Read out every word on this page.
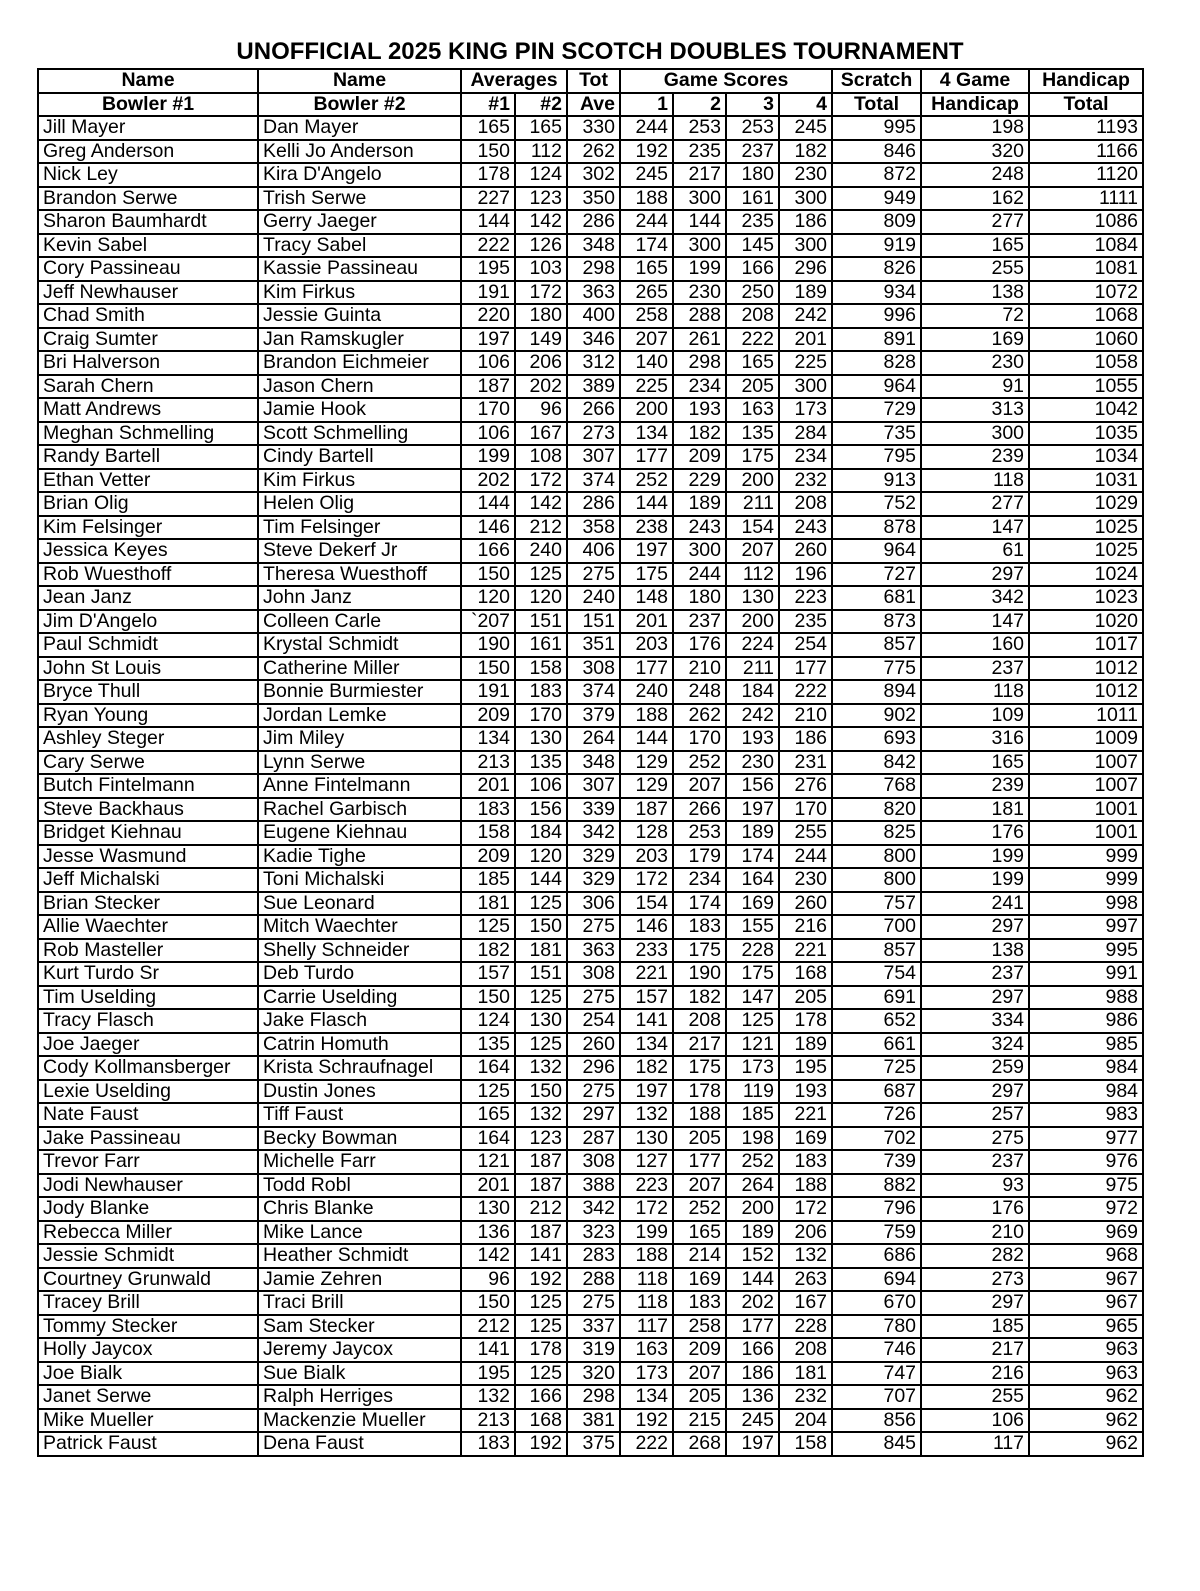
UNOFFICIAL 2025 KING PIN SCOTCH DOUBLES TOURNAMENT
Name	Name	Averages		Tot	Game Scores				Scratch	4 Game	Handicap
Bowler #1	Bowler #2	#1	#2	Ave	1	2	3	4	Total	Handicap	Total
Jill Mayer	Dan Mayer	165	165	330	244	253	253	245	995	198	1193
Greg Anderson	Kelli Jo Anderson	150	112	262	192	235	237	182	846	320	1166
Nick Ley	Kira D'Angelo	178	124	302	245	217	180	230	872	248	1120
Brandon Serwe	Trish Serwe	227	123	350	188	300	161	300	949	162	1111
Sharon Baumhardt	Gerry Jaeger	144	142	286	244	144	235	186	809	277	1086
Kevin Sabel	Tracy Sabel	222	126	348	174	300	145	300	919	165	1084
Cory Passineau	Kassie Passineau	195	103	298	165	199	166	296	826	255	1081
Jeff Newhauser	Kim Firkus	191	172	363	265	230	250	189	934	138	1072
Chad Smith	Jessie Guinta	220	180	400	258	288	208	242	996	72	1068
Craig Sumter	Jan Ramskugler	197	149	346	207	261	222	201	891	169	1060
Bri Halverson	Brandon Eichmeier	106	206	312	140	298	165	225	828	230	1058
Sarah Chern	Jason Chern	187	202	389	225	234	205	300	964	91	1055
Matt Andrews	Jamie Hook	170	96	266	200	193	163	173	729	313	1042
Meghan Schmelling	Scott Schmelling	106	167	273	134	182	135	284	735	300	1035
Randy Bartell	Cindy Bartell	199	108	307	177	209	175	234	795	239	1034
Ethan Vetter	Kim Firkus	202	172	374	252	229	200	232	913	118	1031
Brian Olig	Helen Olig	144	142	286	144	189	211	208	752	277	1029
Kim Felsinger	Tim Felsinger	146	212	358	238	243	154	243	878	147	1025
Jessica Keyes	Steve Dekerf Jr	166	240	406	197	300	207	260	964	61	1025
Rob Wuesthoff	Theresa Wuesthoff	150	125	275	175	244	112	196	727	297	1024
Jean Janz	John Janz	120	120	240	148	180	130	223	681	342	1023
Jim D'Angelo	Colleen Carle	`207	151	151	201	237	200	235	873	147	1020
Paul Schmidt	Krystal Schmidt	190	161	351	203	176	224	254	857	160	1017
John St Louis	Catherine Miller	150	158	308	177	210	211	177	775	237	1012
Bryce Thull	Bonnie Burmiester	191	183	374	240	248	184	222	894	118	1012
Ryan Young	Jordan Lemke	209	170	379	188	262	242	210	902	109	1011
Ashley Steger	Jim Miley	134	130	264	144	170	193	186	693	316	1009
Cary Serwe	Lynn Serwe	213	135	348	129	252	230	231	842	165	1007
Butch Fintelmann	Anne Fintelmann	201	106	307	129	207	156	276	768	239	1007
Steve Backhaus	Rachel Garbisch	183	156	339	187	266	197	170	820	181	1001
Bridget Kiehnau	Eugene Kiehnau	158	184	342	128	253	189	255	825	176	1001
Jesse Wasmund	Kadie Tighe	209	120	329	203	179	174	244	800	199	999
Jeff Michalski	Toni Michalski	185	144	329	172	234	164	230	800	199	999
Brian Stecker	Sue Leonard	181	125	306	154	174	169	260	757	241	998
Allie Waechter	Mitch Waechter	125	150	275	146	183	155	216	700	297	997
Rob Masteller	Shelly Schneider	182	181	363	233	175	228	221	857	138	995
Kurt Turdo Sr	Deb Turdo	157	151	308	221	190	175	168	754	237	991
Tim Uselding	Carrie Uselding	150	125	275	157	182	147	205	691	297	988
Tracy Flasch	Jake Flasch	124	130	254	141	208	125	178	652	334	986
Joe Jaeger	Catrin Homuth	135	125	260	134	217	121	189	661	324	985
Cody Kollmansberger	Krista Schraufnagel	164	132	296	182	175	173	195	725	259	984
Lexie Uselding	Dustin Jones	125	150	275	197	178	119	193	687	297	984
Nate Faust	Tiff Faust	165	132	297	132	188	185	221	726	257	983
Jake Passineau	Becky Bowman	164	123	287	130	205	198	169	702	275	977
Trevor Farr	Michelle Farr	121	187	308	127	177	252	183	739	237	976
Jodi Newhauser	Todd Robl	201	187	388	223	207	264	188	882	93	975
Jody Blanke	Chris Blanke	130	212	342	172	252	200	172	796	176	972
Rebecca Miller	Mike Lance	136	187	323	199	165	189	206	759	210	969
Jessie Schmidt	Heather Schmidt	142	141	283	188	214	152	132	686	282	968
Courtney Grunwald	Jamie Zehren	96	192	288	118	169	144	263	694	273	967
Tracey Brill	Traci Brill	150	125	275	118	183	202	167	670	297	967
Tommy Stecker	Sam Stecker	212	125	337	117	258	177	228	780	185	965
Holly Jaycox	Jeremy Jaycox	141	178	319	163	209	166	208	746	217	963
Joe Bialk	Sue Bialk	195	125	320	173	207	186	181	747	216	963
Janet Serwe	Ralph Herriges	132	166	298	134	205	136	232	707	255	962
Mike Mueller	Mackenzie Mueller	213	168	381	192	215	245	204	856	106	962
Patrick Faust	Dena Faust	183	192	375	222	268	197	158	845	117	962
